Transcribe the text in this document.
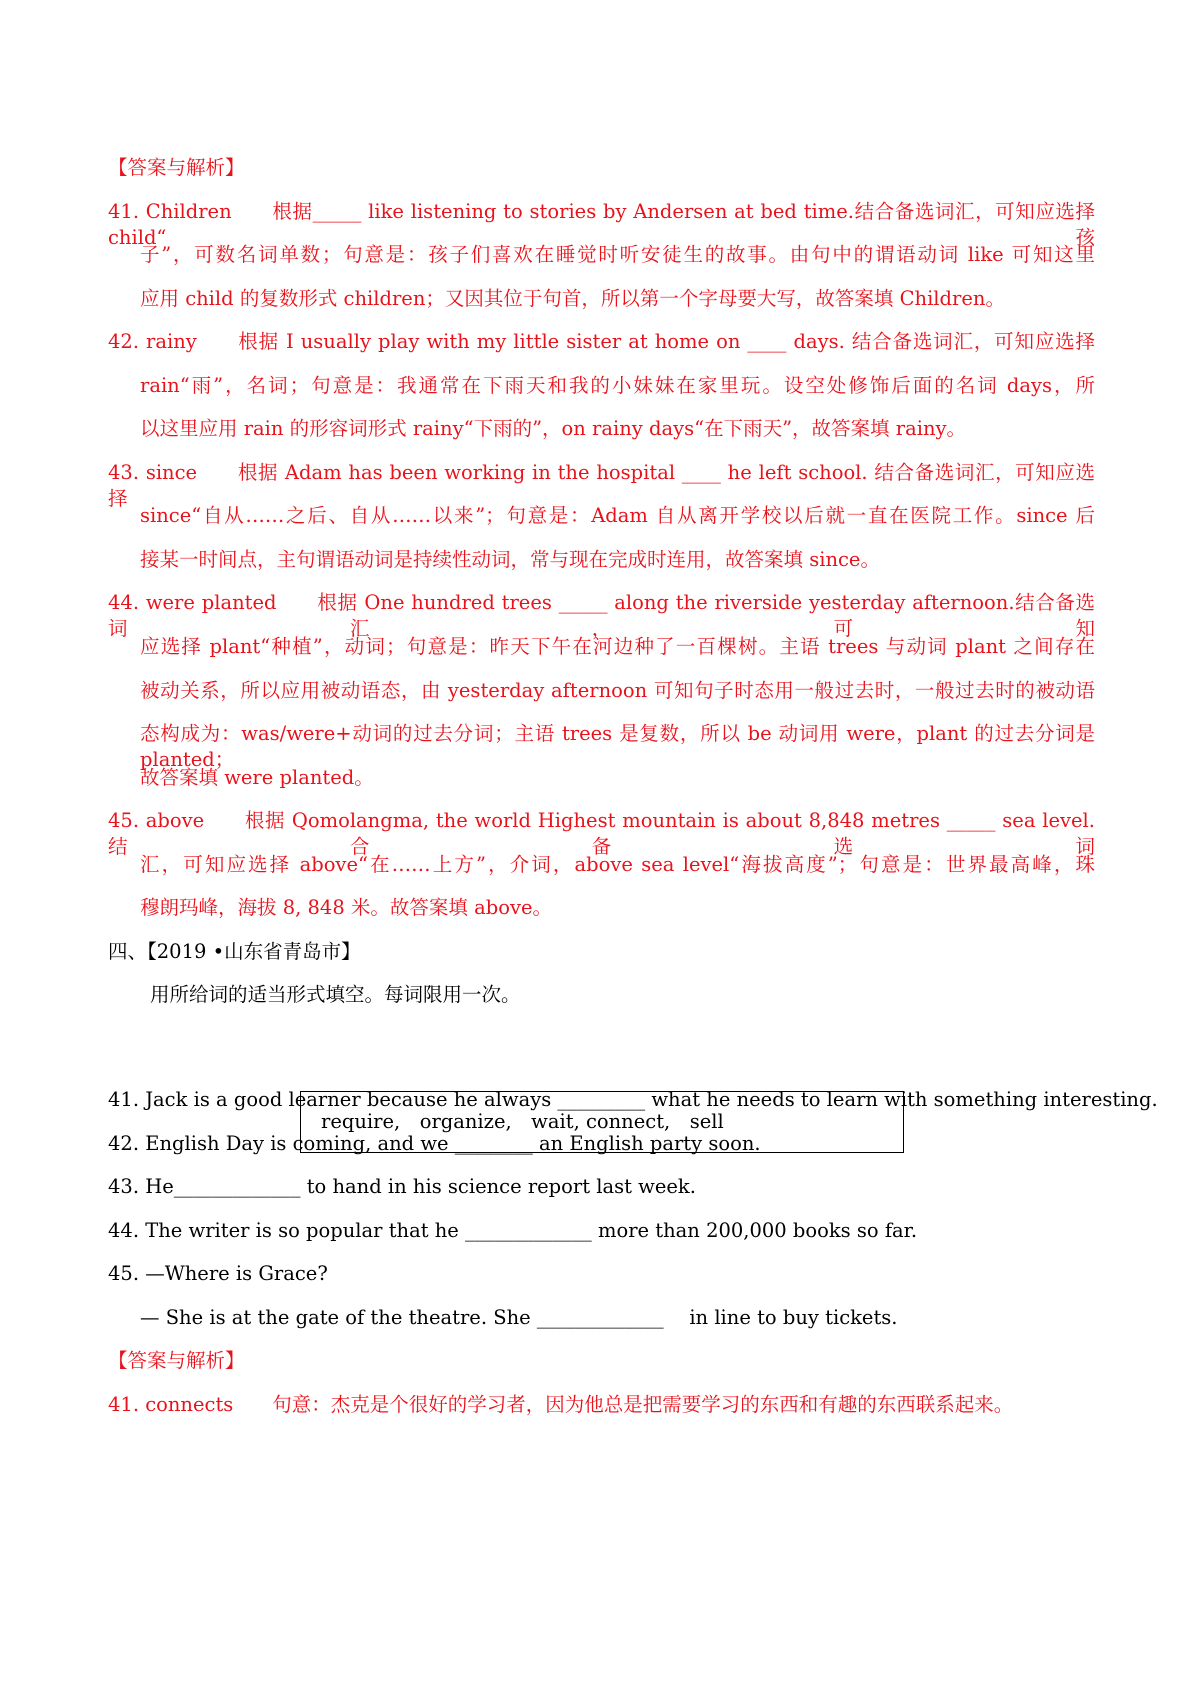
【答案与解析】
41. Children　　根据_____ like listening to stories by Andersen at bed time.结合备选词汇，可知应选择 child“孩
子”，可数名词单数；句意是：孩子们喜欢在睡觉时听安徒生的故事。由句中的谓语动词 like 可知这里
应用 child 的复数形式 children；又因其位于句首，所以第一个字母要大写，故答案填 Children。
42. rainy　　根据 I usually play with my little sister at home on ____ days. 结合备选词汇，可知应选择
rain“雨”，名词；句意是：我通常在下雨天和我的小妹妹在家里玩。设空处修饰后面的名词 days，所
以这里应用 rain 的形容词形式 rainy“下雨的”，on rainy days“在下雨天”，故答案填 rainy。
43. since　　根据 Adam has been working in the hospital ____ he left school. 结合备选词汇，可知应选择
since“自从……之后、自从……以来”；句意是：Adam 自从离开学校以后就一直在医院工作。since 后
接某一时间点，主句谓语动词是持续性动词，常与现在完成时连用，故答案填 since。
44. were planted　　根据 One hundred trees _____ along the riverside yesterday afternoon.结合备选词汇，可知
应选择 plant“种植”，动词；句意是：昨天下午在河边种了一百棵树。主语 trees 与动词 plant 之间存在
被动关系，所以应用被动语态，由 yesterday afternoon 可知句子时态用一般过去时，一般过去时的被动语
态构成为：was/were+动词的过去分词；主语 trees 是复数，所以 be 动词用 were，plant 的过去分词是 planted；
故答案填 were planted。
45. above　　根据 Qomolangma, the world Highest mountain is about 8,848 metres _____ sea level. 结合备选词
汇，可知应选择 above“在……上方”，介词，above sea level“海拔高度”；句意是：世界最高峰，珠
穆朗玛峰，海拔 8, 848 米。故答案填 above。
四、【2019 •山东省青岛市】
用所给词的适当形式填空。每词限用一次。
require,　organize,　wait, connect,　sell
41. Jack is a good learner because he always _________ what he needs to learn with something interesting.
42. English Day is coming, and we ________ an English party soon.
43. He_____________ to hand in his science report last week.
44. The writer is so popular that he _____________ more than 200,000 books so far.
45. —Where is Grace?
— She is at the gate of the theatre. She _____________　 in line to buy tickets.
【答案与解析】
41. connects　　句意：杰克是个很好的学习者，因为他总是把需要学习的东西和有趣的东西联系起来。
